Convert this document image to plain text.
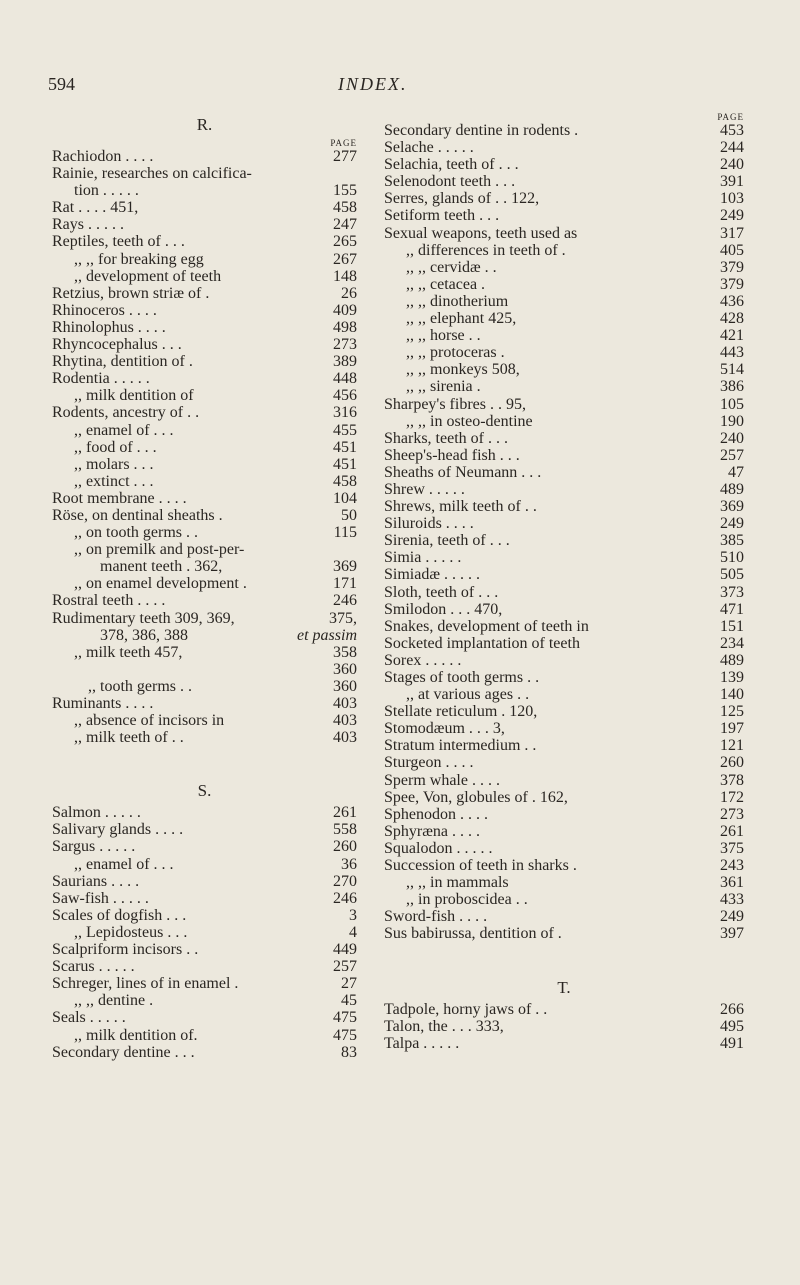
594	INDEX.
R.
PAGE
Rachiodon . . . .	277
Rainie, researches on calcifica-
tion . . . . .	155
Rat . . . . 451,	458
Rays . . . . .	247
Reptiles, teeth of . . .	265
,, ,, for breaking egg	267
,, development of teeth	148
Retzius, brown striæ of .	26
Rhinoceros . . . .	409
Rhinolophus . . . .	498
Rhyncocephalus . . .	273
Rhytina, dentition of .	389
Rodentia . . . . .	448
,, milk dentition of	456
Rodents, ancestry of . .	316
,, enamel of . . .	455
,, food of . . .	451
,, molars . . .	451
,, extinct . . .	458
Root membrane . . . .	104
Röse, on dentinal sheaths .	50
,, on tooth germs . .	115
,, on premilk and post-per-
manent teeth . 362,	369
,, on enamel development .	171
Rostral teeth . . . .	246
Rudimentary teeth 309, 369,	375,
378, 386, 388	et passim
,, milk teeth 457,	358
360
,, tooth germs . .	360
Ruminants . . . .	403
,, absence of incisors in	403
,, milk teeth of . .	403
S.
Salmon . . . . .	261
Salivary glands . . . .	558
Sargus . . . . .	260
,, enamel of . . .	36
Saurians . . . .	270
Saw-fish . . . . .	246
Scales of dogfish . . .	3
,, Lepidosteus . . .	4
Scalpriform incisors . .	449
Scarus . . . . .	257
Schreger, lines of in enamel .	27
,, ,, dentine .	45
Seals . . . . .	475
,, milk dentition of.	475
Secondary dentine . . .	83
PAGE
Secondary dentine in rodents .	453
Selache . . . . .	244
Selachia, teeth of . . .	240
Selenodont teeth . . .	391
Serres, glands of . . 122,	103
Setiform teeth . . .	249
Sexual weapons, teeth used as	317
,, differences in teeth of .	405
,, ,, cervidæ . .	379
,, ,, cetacea .	379
,, ,, dinotherium	436
,, ,, elephant 425,	428
,, ,, horse . .	421
,, ,, protoceras .	443
,, ,, monkeys 508,	514
,, ,, sirenia .	386
Sharpey's fibres . . 95,	105
,, ,, in osteo-dentine	190
Sharks, teeth of . . .	240
Sheep's-head fish . . .	257
Sheaths of Neumann . . .	47
Shrew . . . . .	489
Shrews, milk teeth of . .	369
Siluroids . . . .	249
Sirenia, teeth of . . .	385
Simia . . . . .	510
Simiadæ . . . . .	505
Sloth, teeth of . . .	373
Smilodon . . . 470,	471
Snakes, development of teeth in	151
Socketed implantation of teeth	234
Sorex . . . . .	489
Stages of tooth germs . .	139
,, at various ages . .	140
Stellate reticulum . 120,	125
Stomodæum . . . 3,	197
Stratum intermedium . .	121
Sturgeon . . . .	260
Sperm whale . . . .	378
Spee, Von, globules of . 162,	172
Sphenodon . . . .	273
Sphyræna . . . .	261
Squalodon . . . . .	375
Succession of teeth in sharks .	243
,, ,, in mammals	361
,, in proboscidea . .	433
Sword-fish . . . .	249
Sus babirussa, dentition of .	397
T.
Tadpole, horny jaws of . .	266
Talon, the . . . 333,	495
Talpa . . . . .	491
